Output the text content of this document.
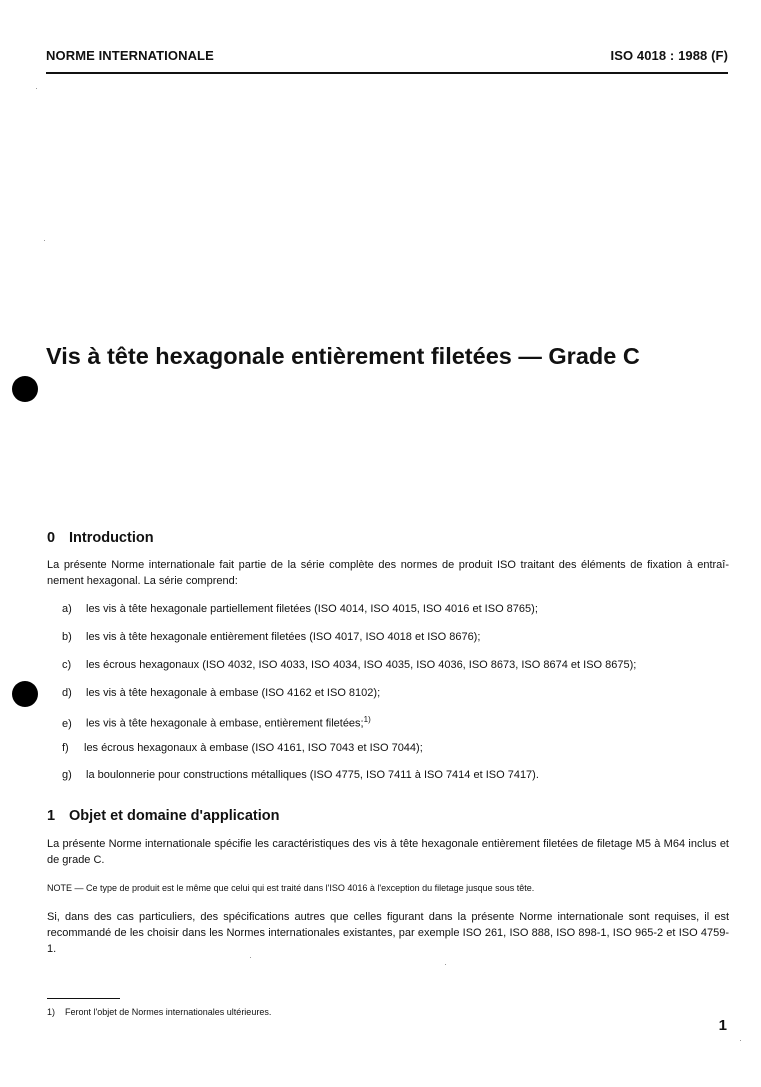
NORME INTERNATIONALE	ISO 4018 : 1988 (F)
Vis à tête hexagonale entièrement filetées — Grade C
0 Introduction
La présente Norme internationale fait partie de la série complète des normes de produit ISO traitant des éléments de fixation à entraî-nement hexagonal. La série comprend:
a) les vis à tête hexagonale partiellement filetées (ISO 4014, ISO 4015, ISO 4016 et ISO 8765);
b) les vis à tête hexagonale entièrement filetées (ISO 4017, ISO 4018 et ISO 8676);
c) les écrous hexagonaux (ISO 4032, ISO 4033, ISO 4034, ISO 4035, ISO 4036, ISO 8673, ISO 8674 et ISO 8675);
d) les vis à tête hexagonale à embase (ISO 4162 et ISO 8102);
e) les vis à tête hexagonale à embase, entièrement filetées;$^{1)}$
f) les écrous hexagonaux à embase (ISO 4161, ISO 7043 et ISO 7044);
g) la boulonnerie pour constructions métalliques (ISO 4775, ISO 7411 à ISO 7414 et ISO 7417).
1 Objet et domaine d'application
La présente Norme internationale spécifie les caractéristiques des vis à tête hexagonale entièrement filetées de filetage M5 à M64 inclus et de grade C.
NOTE — Ce type de produit est le même que celui qui est traité dans l'ISO 4016 à l'exception du filetage jusque sous tête.
Si, dans des cas particuliers, des spécifications autres que celles figurant dans la présente Norme internationale sont requises, il est recommandé de les choisir dans les Normes internationales existantes, par exemple ISO 261, ISO 888, ISO 898-1, ISO 965-2 et ISO 4759-1.
1) Feront l'objet de Normes internationales ultérieures.
1
